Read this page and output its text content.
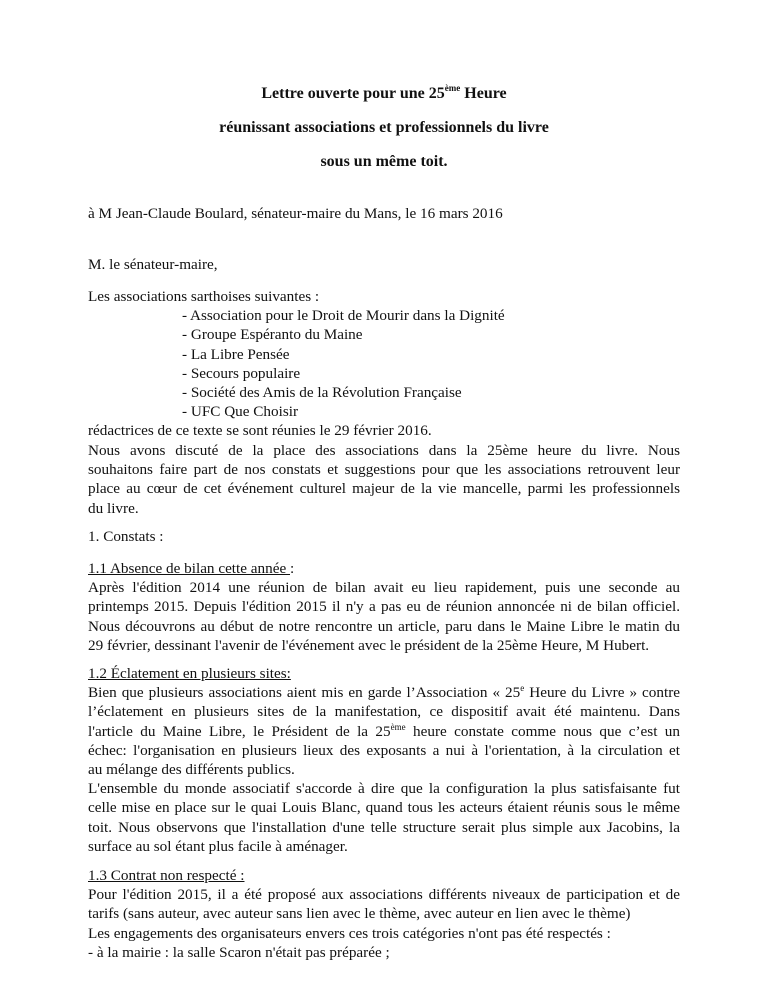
Lettre ouverte pour une 25ème Heure
réunissant associations et professionnels du livre
sous un même toit.
à M Jean-Claude Boulard, sénateur-maire du Mans, le 16 mars 2016
M. le sénateur-maire,
Les associations sarthoises suivantes :
- Association pour le Droit de Mourir dans la Dignité
- Groupe Espéranto du Maine
- La Libre Pensée
- Secours populaire
- Société des Amis de la Révolution Française
- UFC Que Choisir
rédactrices de ce texte se sont réunies le 29 février 2016.
Nous avons discuté de la place des associations dans la 25ème heure du livre. Nous
souhaitons faire part de nos constats et suggestions pour que les associations retrouvent leur
place au cœur de cet événement culturel majeur de la vie mancelle, parmi les professionnels
du livre.
1. Constats :
1.1 Absence de bilan cette année :
Après l'édition 2014 une réunion de bilan avait eu lieu rapidement, puis une seconde au
printemps 2015. Depuis l'édition 2015 il n'y a pas eu de réunion annoncée ni de bilan officiel.
Nous découvrons au début de notre rencontre un article, paru dans le Maine Libre le matin du
29 février, dessinant l'avenir de l'événement avec le président de la 25ème Heure, M Hubert.
1.2 Éclatement en plusieurs sites:
Bien que plusieurs associations aient mis en garde l’Association « 25e Heure du Livre » contre
l’éclatement en plusieurs sites de la manifestation, ce dispositif avait été maintenu. Dans
l'article du Maine Libre, le Président de la 25ème heure constate comme nous que c’est un
échec: l'organisation en plusieurs lieux des exposants a nui à l'orientation, à la circulation et
au mélange des différents publics.
L'ensemble du monde associatif s'accorde à dire que la configuration la plus satisfaisante fut
celle mise en place sur le quai Louis Blanc, quand tous les acteurs étaient réunis sous le même
toit. Nous observons que l'installation d'une telle structure serait plus simple aux Jacobins, la
surface au sol étant plus facile à aménager.
1.3 Contrat non respecté :
Pour l'édition 2015, il a été proposé aux associations différents niveaux de participation et de
tarifs (sans auteur, avec auteur sans lien avec le thème, avec auteur en lien avec le thème)
Les engagements des organisateurs envers ces trois catégories n'ont pas été respectés :
- à la mairie : la salle Scaron n'était pas préparée ;
